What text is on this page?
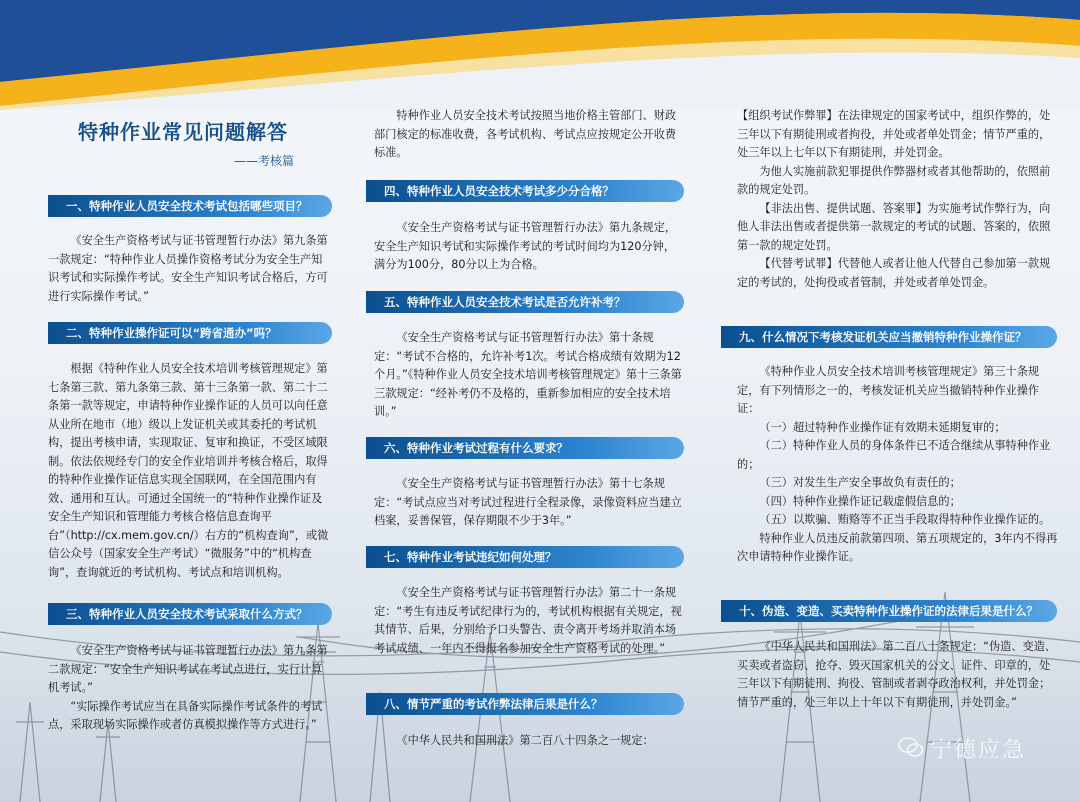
特种作业常见问题解答
——考核篇
一、特种作业人员安全技术考试包括哪些项目？

《安全生产资格考试与证书管理暂行办法》第九条第一款规定：“特种作业人员操作资格考试分为安全生产知识考试和实际操作考试。安全生产知识考试合格后，方可进行实际操作考试。”

二、特种作业操作证可以“跨省通办”吗？

根据《特种作业人员安全技术培训考核管理规定》第七条第三款、第九条第三款、第十三条第一款、第二十二条第一款等规定，申请特种作业操作证的人员可以向任意从业所在地市（地）级以上发证机关或其委托的考试机构，提出考核申请，实现取证、复审和换证，不受区域限制。依法依规经专门的安全作业培训并考核合格后，取得的特种作业操作证信息实现全国联网，在全国范围内有效、通用和互认。可通过全国统一的“特种作业操作证及安全生产知识和管理能力考核合格信息查询平台”（http://cx.mem.gov.cn/）右方的“机构查询”，或微信公众号（国家安全生产考试）“微服务”中的“机构查询”，查询就近的考试机构、考试点和培训机构。

三、特种作业人员安全技术考试采取什么方式？

《安全生产资格考试与证书管理暂行办法》第九条第二款规定：“安全生产知识考试在考试点进行，实行计算机考试。”

“实际操作考试应当在具备实际操作考试条件的考试点，采取现场实际操作或者仿真模拟操作等方式进行。”

特种作业人员安全技术考试按照当地价格主管部门、财政部门核定的标准收费，各考试机构、考试点应按规定公开收费标准。

四、特种作业人员安全技术考试多少分合格？

《安全生产资格考试与证书管理暂行办法》第九条规定，安全生产知识考试和实际操作考试的考试时间均为120分钟，满分为100分，80分以上为合格。

五、特种作业人员安全技术考试是否允许补考？

《安全生产资格考试与证书管理暂行办法》第十条规定：“考试不合格的，允许补考1次。考试合格成绩有效期为12个月。”《特种作业人员安全技术培训考核管理规定》第十三条第三款规定：“经补考仍不及格的，重新参加相应的安全技术培训。”

六、特种作业考试过程有什么要求？

《安全生产资格考试与证书管理暂行办法》第十七条规定：“考试点应当对考试过程进行全程录像，录像资料应当建立档案，妥善保管，保存期限不少于3年。”

七、特种作业考试违纪如何处理？

《安全生产资格考试与证书管理暂行办法》第二十一条规定：“考生有违反考试纪律行为的，考试机构根据有关规定，视其情节、后果，分别给予口头警告、责令离开考场并取消本场考试成绩、一年内不得报名参加安全生产资格考试的处理。”

八、情节严重的考试作弊法律后果是什么？

《中华人民共和国刑法》第二百八十四条之一规定：

【组织考试作弊罪】在法律规定的国家考试中，组织作弊的，处三年以下有期徒刑或者拘役，并处或者单处罚金；情节严重的，处三年以上七年以下有期徒刑，并处罚金。

为他人实施前款犯罪提供作弊器材或者其他帮助的，依照前款的规定处罚。

【非法出售、提供试题、答案罪】为实施考试作弊行为，向他人非法出售或者提供第一款规定的考试的试题、答案的，依照第一款的规定处罚。

【代替考试罪】代替他人或者让他人代替自己参加第一款规定的考试的，处拘役或者管制，并处或者单处罚金。

九、什么情况下考核发证机关应当撤销特种作业操作证？

《特种作业人员安全技术培训考核管理规定》第三十条规定，有下列情形之一的，考核发证机关应当撤销特种作业操作证：

（一）超过特种作业操作证有效期未延期复审的；

（二）特种作业人员的身体条件已不适合继续从事特种作业的；

（三）对发生生产安全事故负有责任的；

（四）特种作业操作证记载虚假信息的；

（五）以欺骗、贿赂等不正当手段取得特种作业操作证的。

特种作业人员违反前款第四项、第五项规定的，3年内不得再次申请特种作业操作证。

十、伪造、变造、买卖特种作业操作证的法律后果是什么？

《中华人民共和国刑法》第二百八十条规定：“伪造、变造、买卖或者盗窃、抢夺、毁灭国家机关的公文、证件、印章的，处三年以下有期徒刑、拘役、管制或者剥夺政治权利，并处罚金；情节严重的，处三年以上十年以下有期徒刑，并处罚金。”

宁德应急
